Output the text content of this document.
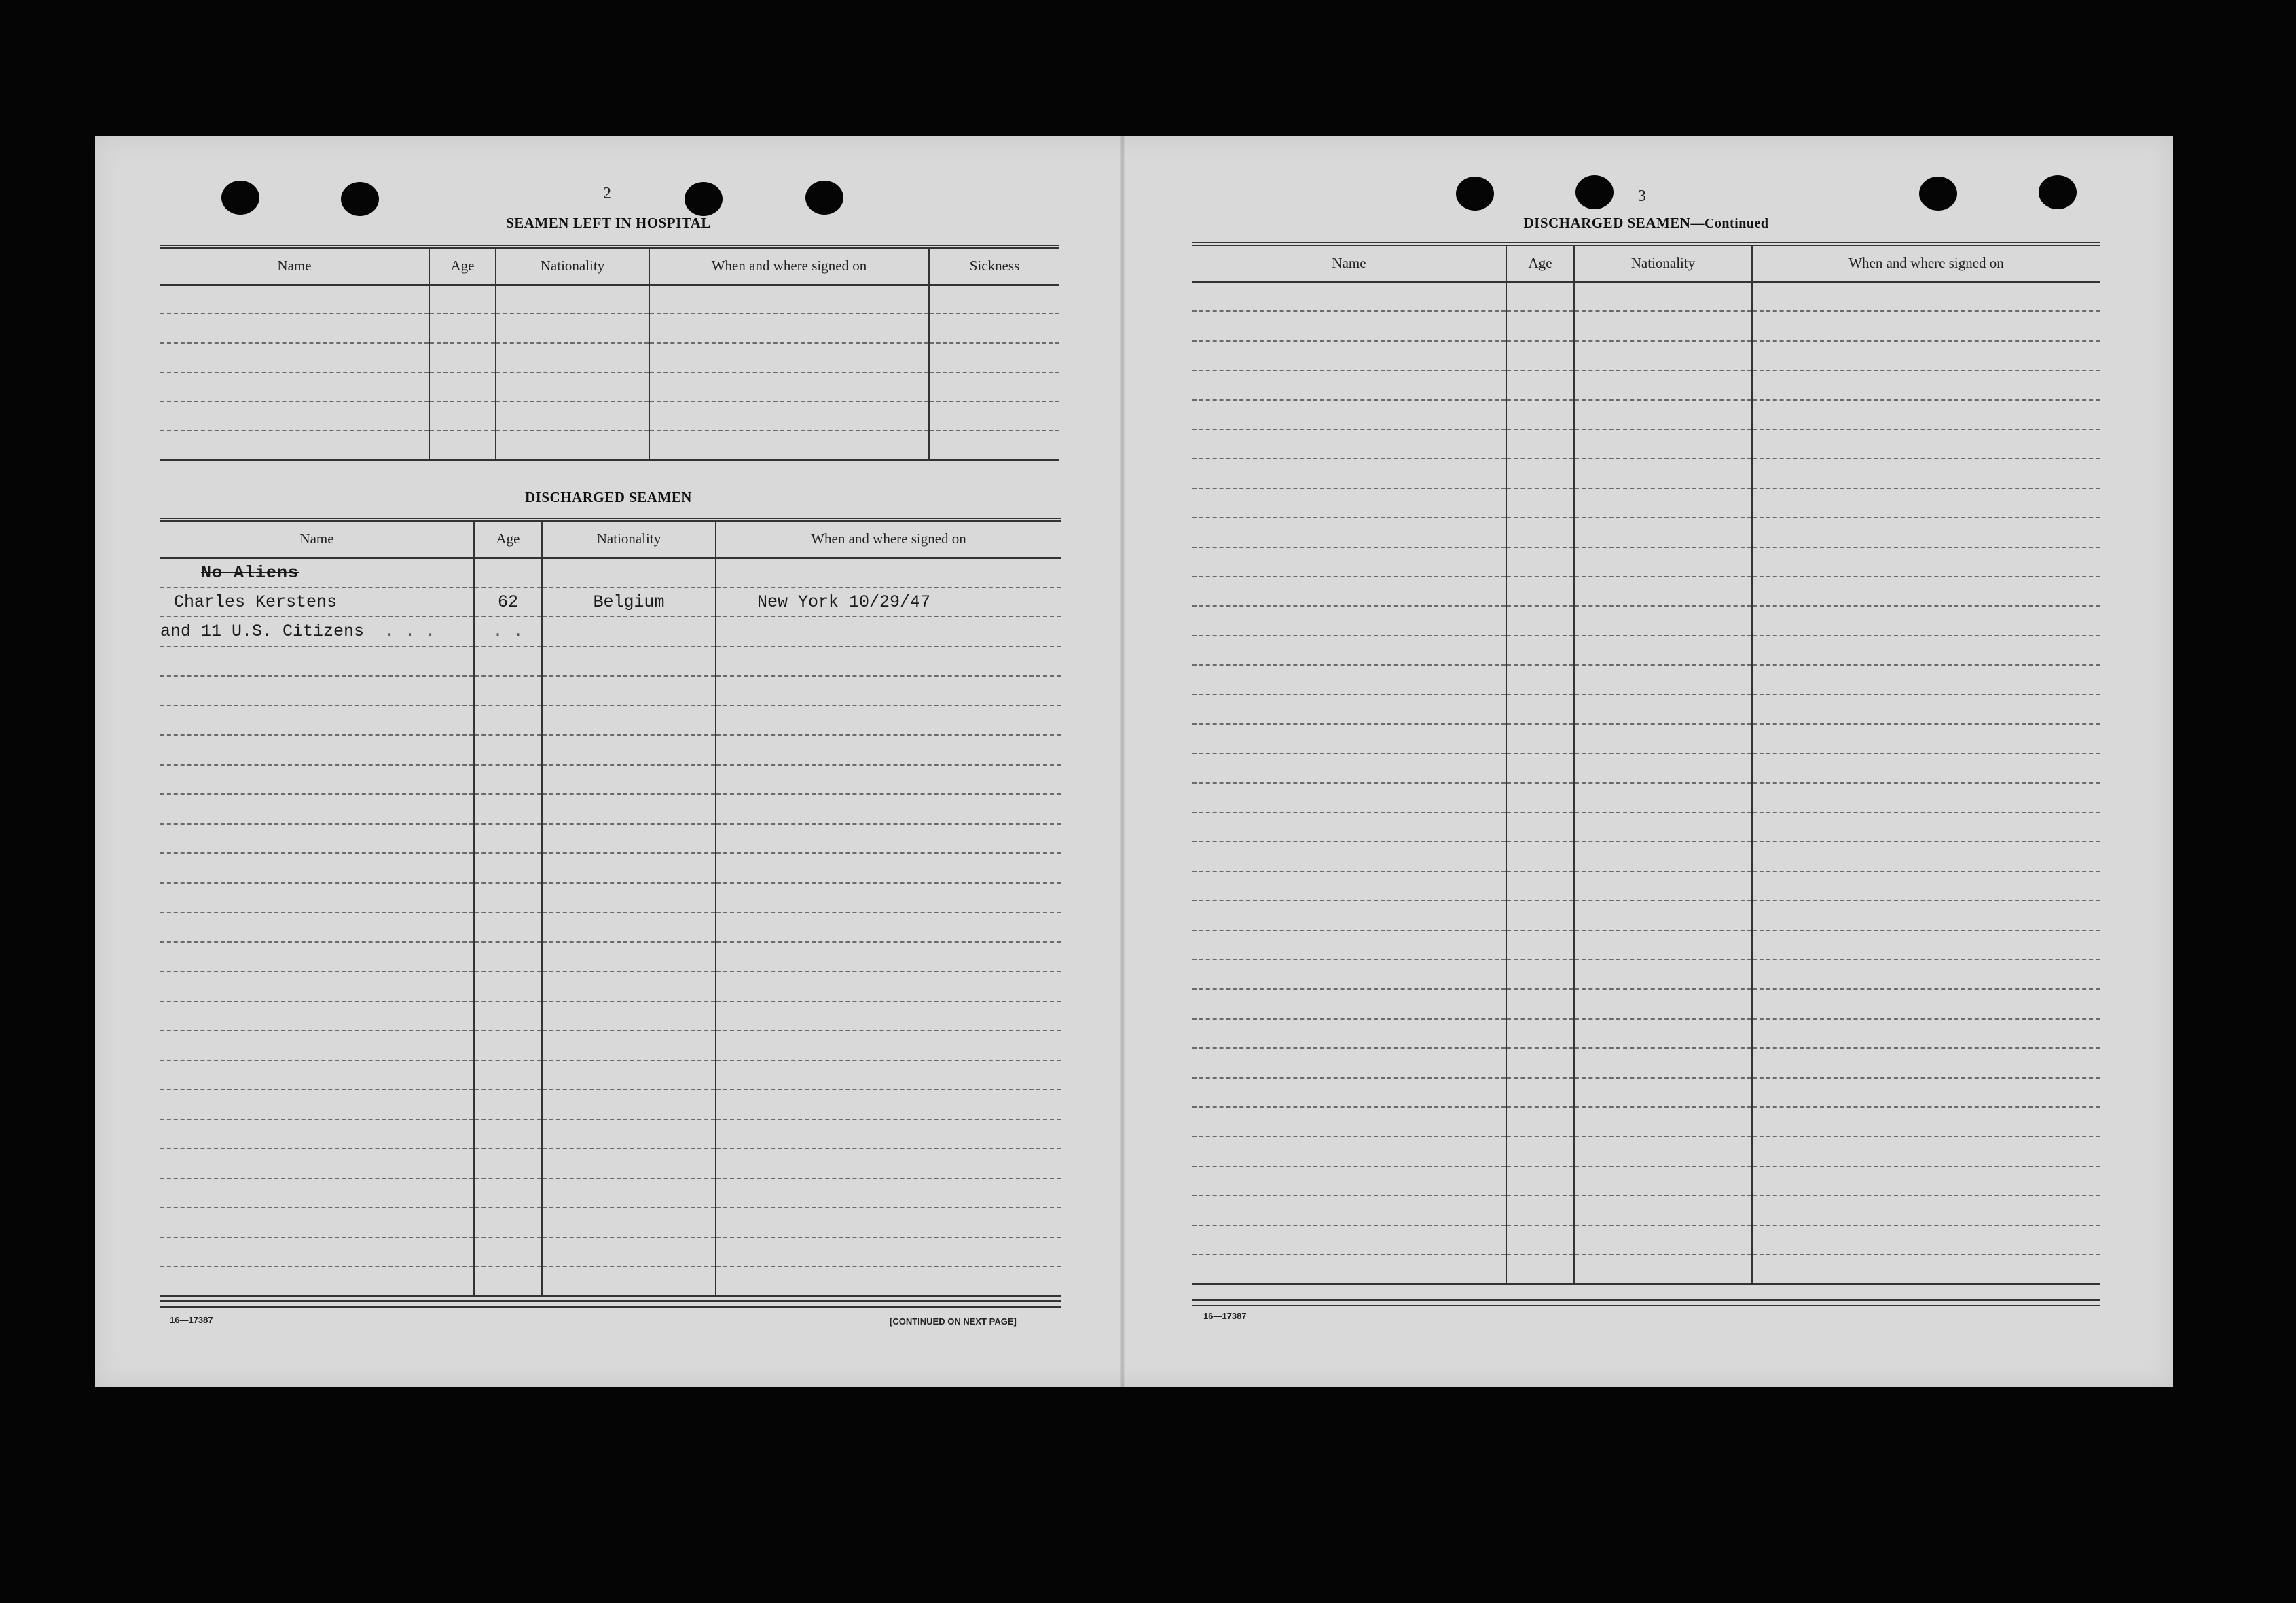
2
SEAMEN LEFT IN HOSPITAL
Name	Age	Nationality	When and where signed on	Sickness

DISCHARGED SEAMEN
Name	Age	Nationality	When and where signed on
No Aliens			
Charles Kerstens	62	Belgium	New York 10/29/47
and 11 U.S. Citizens  . . .	. .		

16—17387	[CONTINUED ON NEXT PAGE]
3
DISCHARGED SEAMEN—Continued
Name	Age	Nationality	When and where signed on

16—17387
